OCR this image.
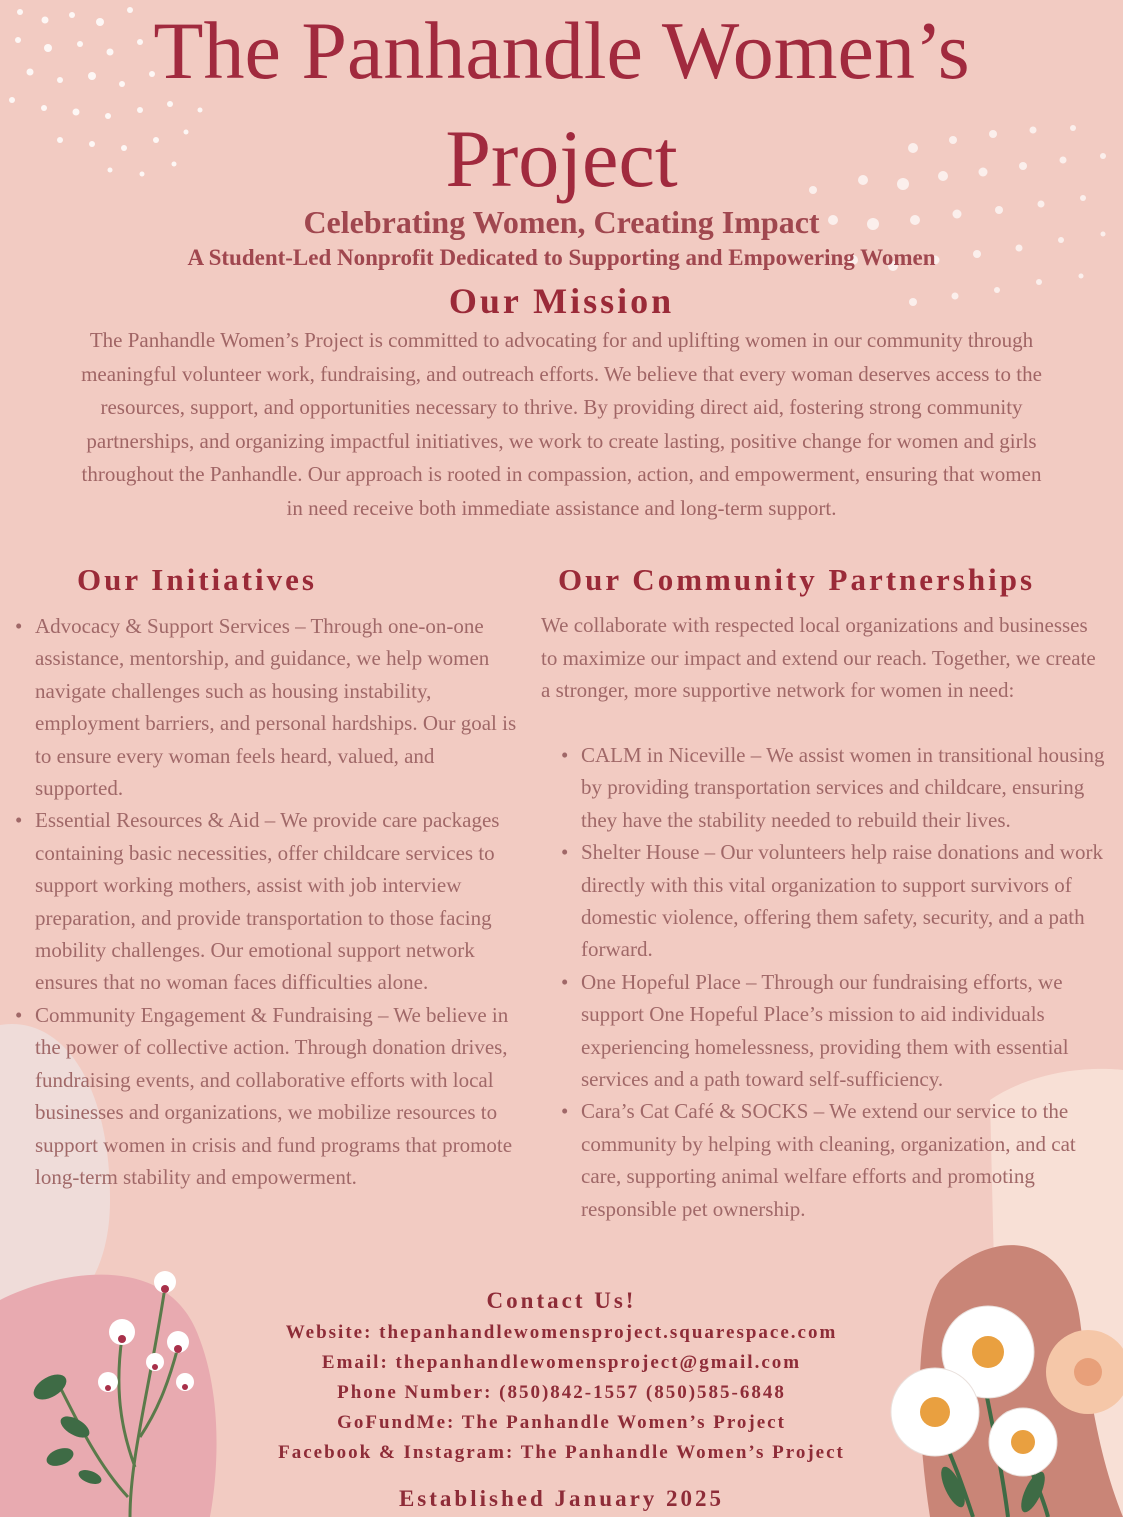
The Panhandle Women’s
Project
Celebrating Women, Creating Impact
A Student-Led Nonprofit Dedicated to Supporting and Empowering Women
Our Mission

The Panhandle Women’s Project is committed to advocating for and uplifting women in our community through meaningful volunteer work, fundraising, and outreach efforts. We believe that every woman deserves access to the resources, support, and opportunities necessary to thrive. By providing direct aid, fostering strong community partnerships, and organizing impactful initiatives, we work to create lasting, positive change for women and girls throughout the Panhandle. Our approach is rooted in compassion, action, and empowerment, ensuring that women in need receive both immediate assistance and long-term support.

Our Initiatives
• Advocacy & Support Services – Through one-on-one assistance, mentorship, and guidance, we help women navigate challenges such as housing instability, employment barriers, and personal hardships. Our goal is to ensure every woman feels heard, valued, and supported.
• Essential Resources & Aid – We provide care packages containing basic necessities, offer childcare services to support working mothers, assist with job interview preparation, and provide transportation to those facing mobility challenges. Our emotional support network ensures that no woman faces difficulties alone.
• Community Engagement & Fundraising – We believe in the power of collective action. Through donation drives, fundraising events, and collaborative efforts with local businesses and organizations, we mobilize resources to support women in crisis and fund programs that promote long-term stability and empowerment.
Our Community Partnerships

We collaborate with respected local organizations and businesses to maximize our impact and extend our reach. Together, we create a stronger, more supportive network for women in need:

• CALM in Niceville – We assist women in transitional housing by providing transportation services and childcare, ensuring they have the stability needed to rebuild their lives.
• Shelter House – Our volunteers help raise donations and work directly with this vital organization to support survivors of domestic violence, offering them safety, security, and a path forward.
• One Hopeful Place – Through our fundraising efforts, we support One Hopeful Place’s mission to aid individuals experiencing homelessness, providing them with essential services and a path toward self-sufficiency.
• Cara’s Cat Café & SOCKS – We extend our service to the community by helping with cleaning, organization, and cat care, supporting animal welfare efforts and promoting responsible pet ownership.
Contact Us!
Website: thepanhandlewomensproject.squarespace.com
Email: thepanhandlewomensproject@gmail.com
Phone Number: (850)842-1557 (850)585-6848
GoFundMe: The Panhandle Women’s Project
Facebook & Instagram: The Panhandle Women’s Project
Established January 2025
